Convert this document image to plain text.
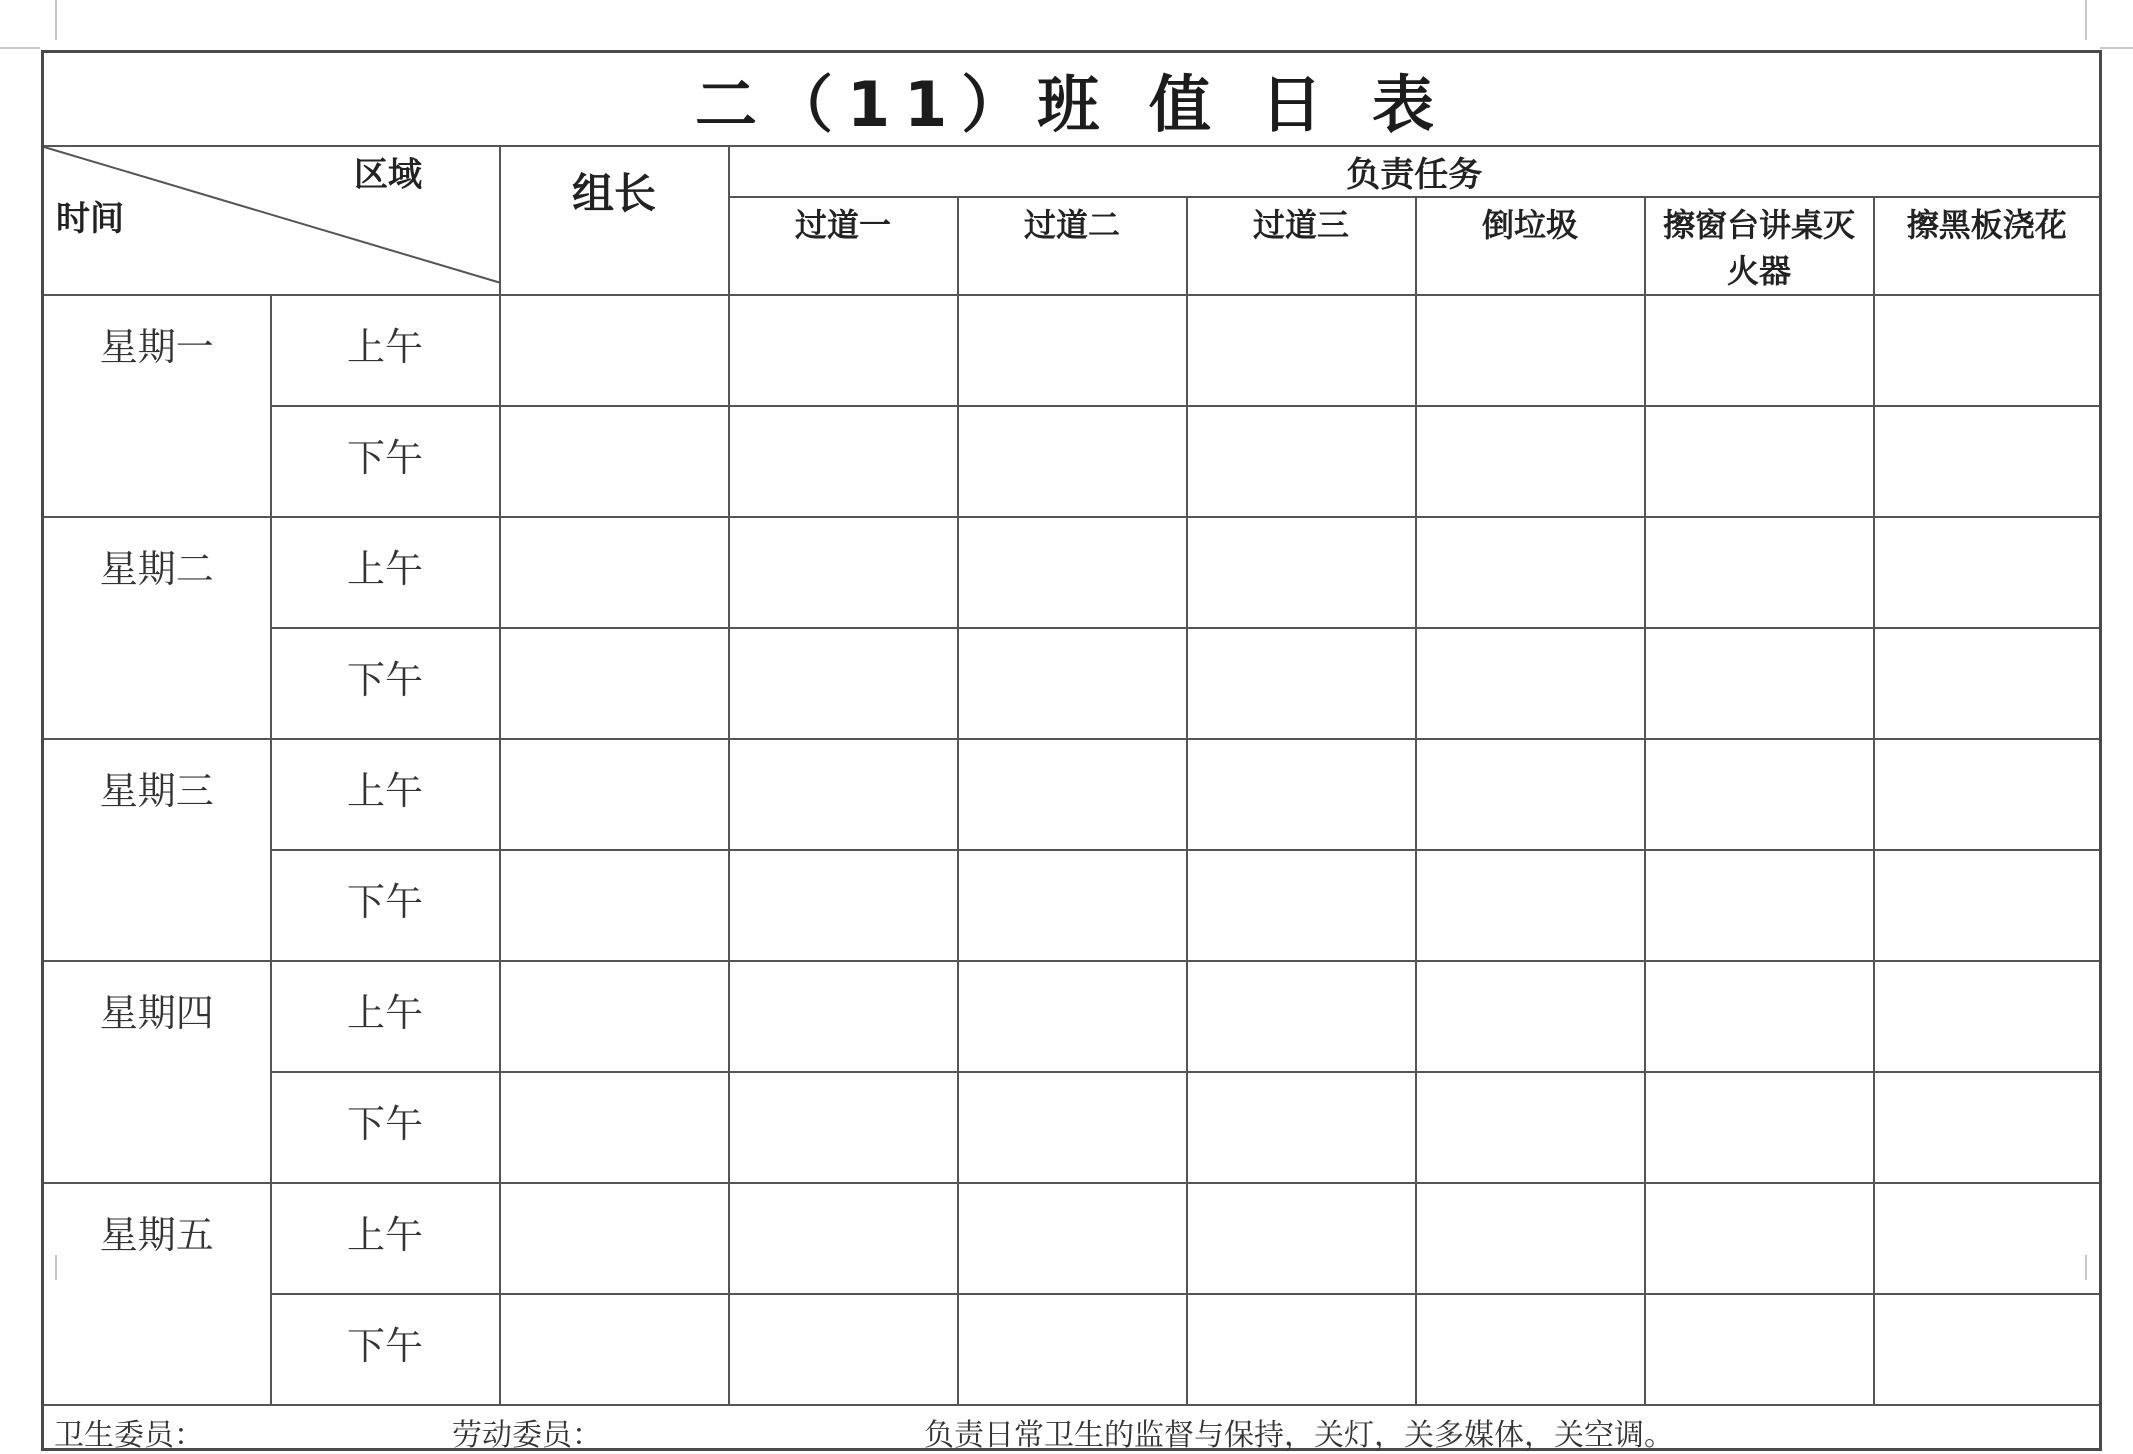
二（11）班 值 日 表								

区域
时间		组长	负责任务					

			过道一	过道二	过道三	倒垃圾	擦窗台讲桌灭火器	擦黑板浇花

星期一	上午							
	下午							
星期二	上午							
	下午							
星期三	上午							
	下午							
星期四	上午							
	下午							
星期五	上午							
	下午							

卫生委员： 劳动委员： 负责日常卫生的监督与保持，关灯，关多媒体，关空调。								
